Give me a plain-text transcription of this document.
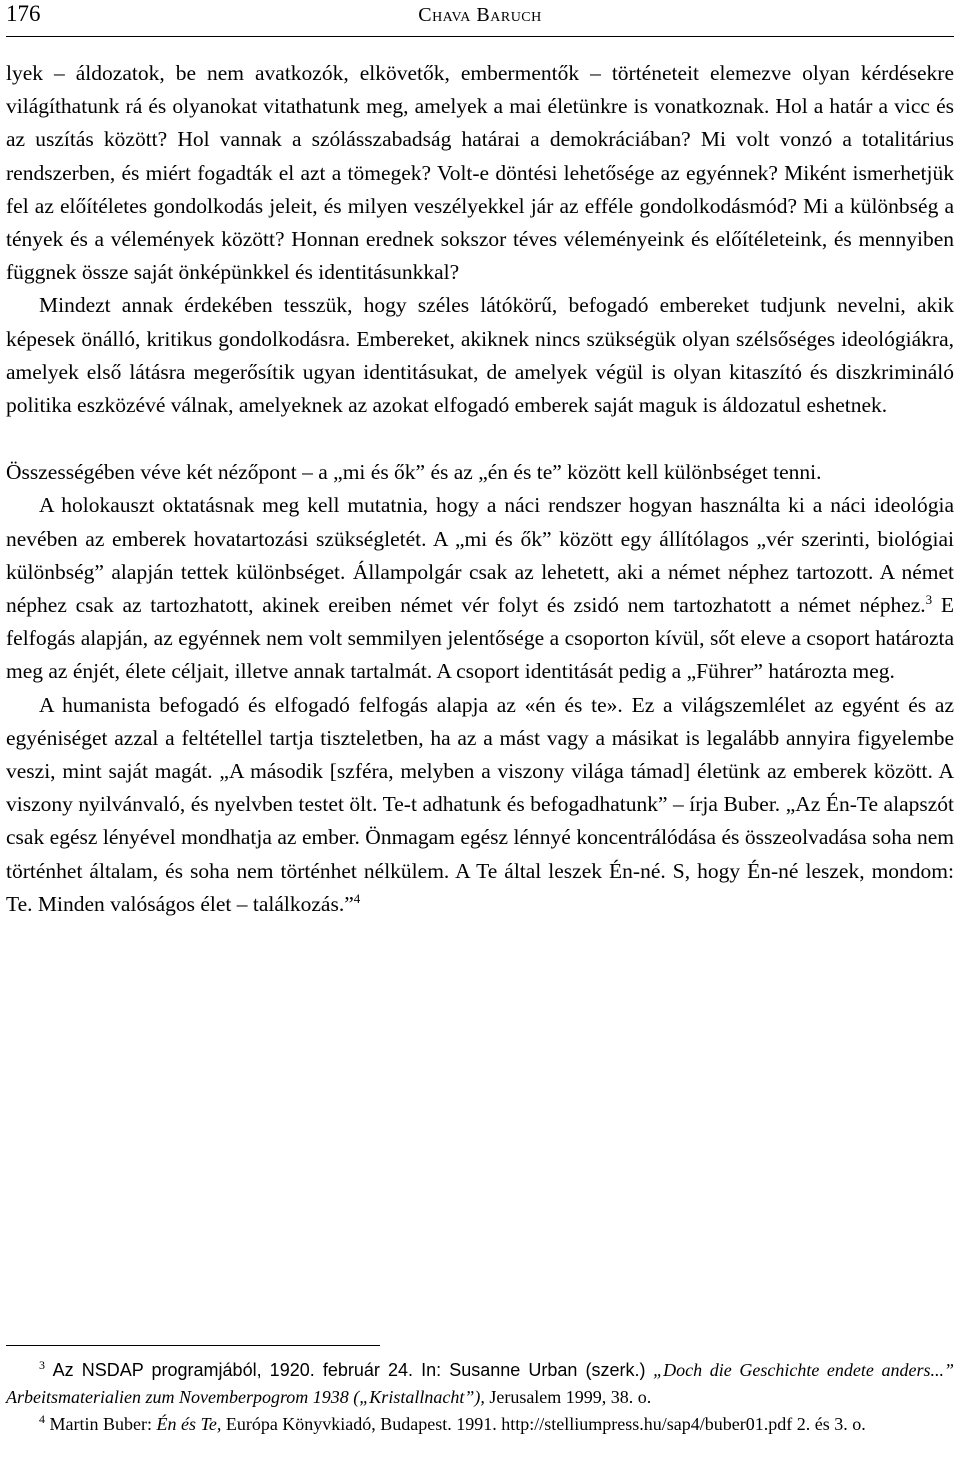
176	Chava Baruch

lyek – áldozatok, be nem avatkozók, elkövetők, embermentők – történeteit elemezve olyan kérdésekre világíthatunk rá és olyanokat vitathatunk meg, amelyek a mai életünkre is vonatkoznak. Hol a határ a vicc és az uszítás között? Hol vannak a szólásszabadság határai a demokráciában? Mi volt vonzó a totalitárius rendszerben, és miért fogadták el azt a tömegek? Volt-e döntési lehetősége az egyénnek? Miként ismerhetjük fel az előítéletes gondolkodás jeleit, és milyen veszélyekkel jár az efféle gondolkodásmód? Mi a különbség a tények és a vélemények között? Honnan erednek sokszor téves véleményeink és előítéleteink, és mennyiben függnek össze saját önképünkkel és identitásunkkal?

Mindezt annak érdekében tesszük, hogy széles látókörű, befogadó embereket tudjunk nevelni, akik képesek önálló, kritikus gondolkodásra. Embereket, akiknek nincs szükségük olyan szélsőséges ideológiákra, amelyek első látásra megerősítik ugyan identitásukat, de amelyek végül is olyan kitaszító és diszkrimináló politika eszközévé válnak, amelyeknek az azokat elfogadó emberek saját maguk is áldozatul eshetnek.

Összességében véve két nézőpont – a „mi és ők” és az „én és te” között kell különbséget tenni.

A holokauszt oktatásnak meg kell mutatnia, hogy a náci rendszer hogyan használta ki a náci ideológia nevében az emberek hovatartozási szükségletét. A „mi és ők” között egy állítólagos „vér szerinti, biológiai különbség” alapján tettek különbséget. Állampolgár csak az lehetett, aki a német néphez tartozott. A német néphez csak az tartozhatott, akinek ereiben német vér folyt és zsidó nem tartozhatott a német néphez.$^3$ E felfogás alapján, az egyénnek nem volt semmilyen jelentősége a csoporton kívül, sőt eleve a csoport határozta meg az énjét, élete céljait, illetve annak tartalmát. A csoport identitását pedig a „Führer” határozta meg.

A humanista befogadó és elfogadó felfogás alapja az «én és te». Ez a világszemlélet az egyént és az egyéniséget azzal a feltétellel tartja tiszteletben, ha az a mást vagy a másikat is legalább annyira figyelembe veszi, mint saját magát. „A második [szféra, melyben a viszony világa támad] életünk az emberek között. A viszony nyilvánvaló, és nyelvben testet ölt. Te-t adhatunk és befogadhatunk” – írja Buber. „Az Én-Te alapszót csak egész lényével mondhatja az ember. Önmagam egész lénnyé koncentrálódása és összeolvadása soha nem történhet általam, és soha nem történhet nélkülem. A Te által leszek Én-né. S, hogy Én-né leszek, mondom: Te. Minden valóságos élet – találkozás.”$^4$

$^3$ Az NSDAP programjából, 1920. február 24. In: Susanne Urban (szerk.) „Doch die Geschichte endete anders...” Arbeitsmaterialien zum Novemberpogrom 1938 („Kristallnacht”), Jerusalem 1999, 38. o.

$^4$ Martin Buber: Én és Te, Európa Könyvkiadó, Budapest. 1991. http://stelliumpress.hu/sap4/buber01.pdf 2. és 3. o.
